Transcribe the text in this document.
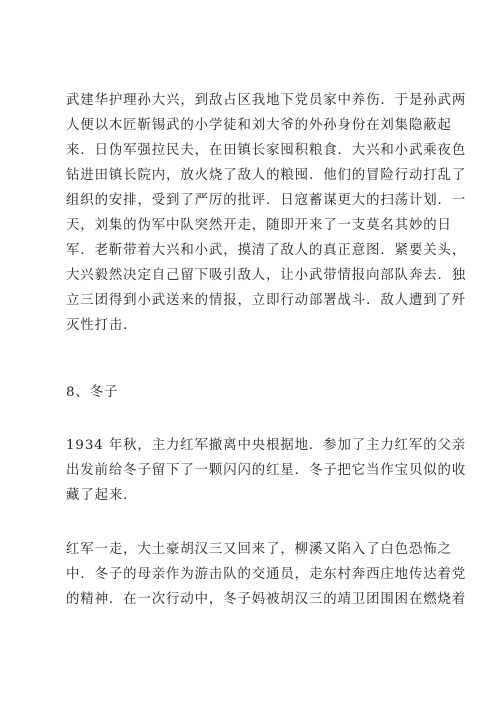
武建华护理孙大兴，到敌占区我地下党员家中养伤．于是孙武两
人便以木匠靳锡武的小学徒和刘大爷的外孙身份在刘集隐蔽起
来．日伪军强拉民夫，在田镇长家囤积粮食．大兴和小武乘夜色
钻进田镇长院内，放火烧了敌人的粮囤．他们的冒险行动打乱了
组织的安排，受到了严厉的批评．日寇蓄谋更大的扫荡计划．一
天，刘集的伪军中队突然开走，随即开来了一支莫名其妙的日
军．老靳带着大兴和小武，摸清了敌人的真正意图．紧要关头，
大兴毅然决定自己留下吸引敌人，让小武带情报向部队奔去．独
立三团得到小武送来的情报，立即行动部署战斗．敌人遭到了歼
灭性打击．
8、冬子
1934 年秋，主力红军撤离中央根据地．参加了主力红军的父亲
出发前给冬子留下了一颗闪闪的红星．冬子把它当作宝贝似的收
藏了起来．
红军一走，大土豪胡汉三又回来了，柳溪又陷入了白色恐怖之
中．冬子的母亲作为游击队的交通员，走东村奔西庄地传达着党
的精神．在一次行动中，冬子妈被胡汉三的靖卫团围困在燃烧着
